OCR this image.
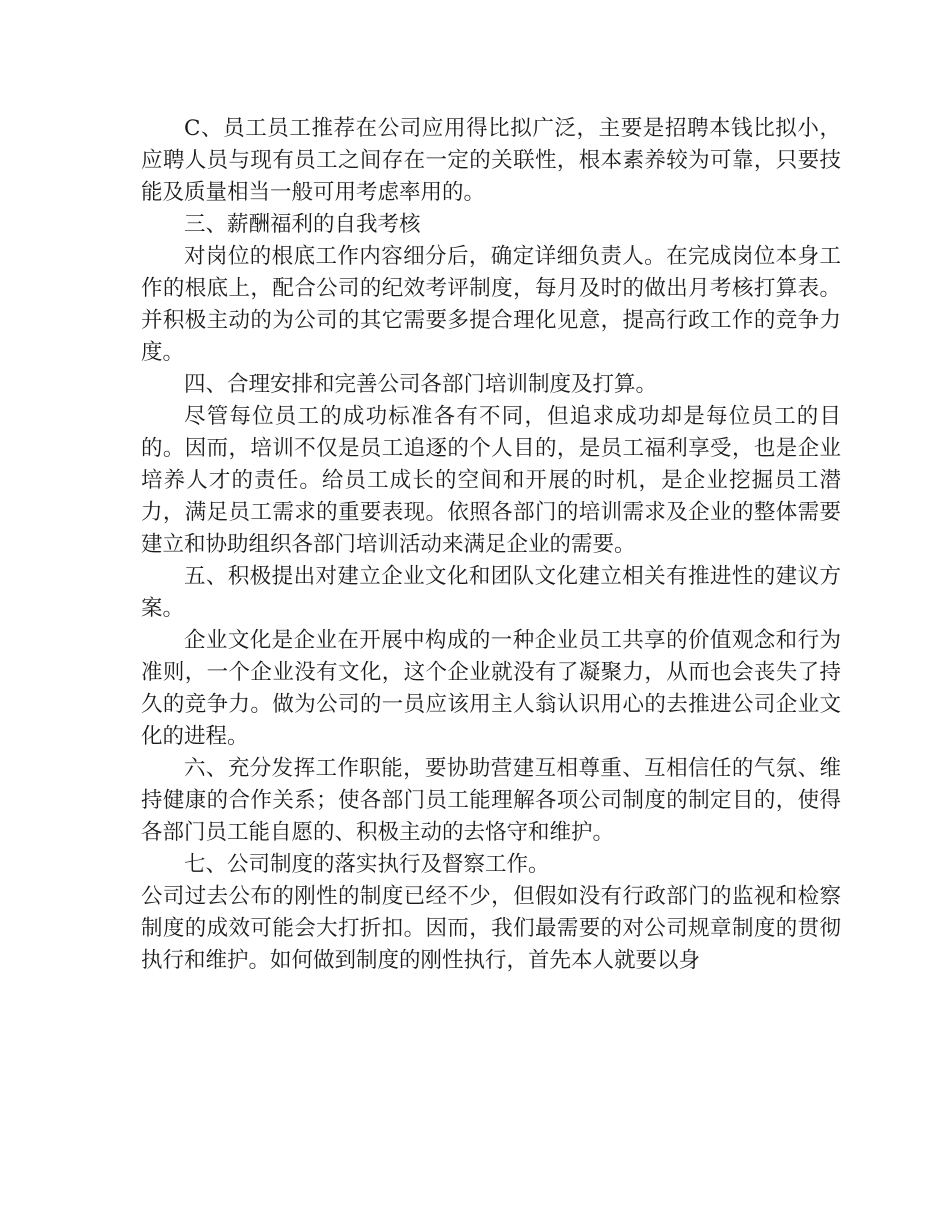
C、员工员工推荐在公司应用得比拟广泛，主要是招聘本钱比拟小，应聘人员与现有员工之间存在一定的关联性，根本素养较为可靠，只要技能及质量相当一般可用考虑率用的。

三、薪酬福利的自我考核

对岗位的根底工作内容细分后，确定详细负责人。在完成岗位本身工作的根底上，配合公司的纪效考评制度，每月及时的做出月考核打算表。并积极主动的为公司的其它需要多提合理化见意，提高行政工作的竞争力度。

四、合理安排和完善公司各部门培训制度及打算。

尽管每位员工的成功标准各有不同，但追求成功却是每位员工的目的。因而，培训不仅是员工追逐的个人目的，是员工福利享受，也是企业培养人才的责任。给员工成长的空间和开展的时机，是企业挖掘员工潜力，满足员工需求的重要表现。依照各部门的培训需求及企业的整体需要建立和协助组织各部门培训活动来满足企业的需要。

五、积极提出对建立企业文化和团队文化建立相关有推进性的建议方案。

企业文化是企业在开展中构成的一种企业员工共享的价值观念和行为准则，一个企业没有文化，这个企业就没有了凝聚力，从而也会丧失了持久的竞争力。做为公司的一员应该用主人翁认识用心的去推进公司企业文化的进程。

六、充分发挥工作职能，要协助营建互相尊重、互相信任的气氛、维持健康的合作关系；使各部门员工能理解各项公司制度的制定目的，使得各部门员工能自愿的、积极主动的去恪守和维护。

七、公司制度的落实执行及督察工作。

公司过去公布的刚性的制度已经不少，但假如没有行政部门的监视和检察制度的成效可能会大打折扣。因而，我们最需要的对公司规章制度的贯彻执行和维护。如何做到制度的刚性执行，首先本人就要以身
